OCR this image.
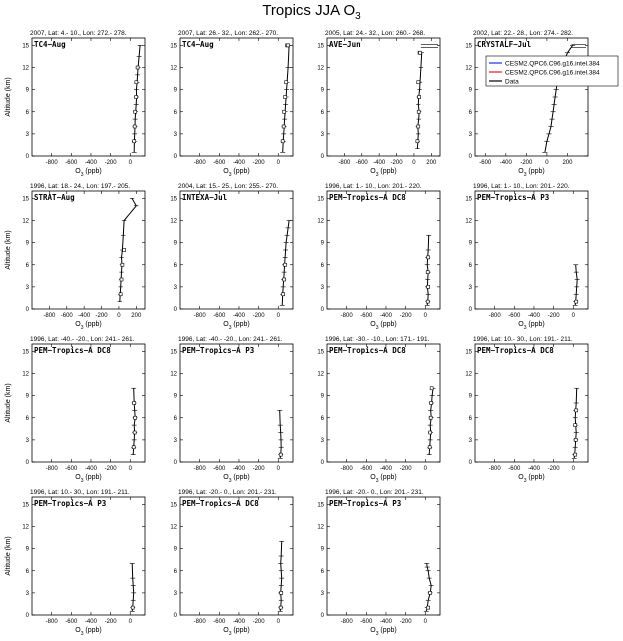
Tropics JJA $O_3$
2007, Lat: 4.- 10., Lon: 272.- 278.
-800 -600 -400 -200 0
0
3
6
9
12
15
$O_3$ (ppb)
Altitude (km)
TC4−Aug
2007, Lat: 26.- 32., Lon: 262.- 270.
-800 -600 -400 -200 0
0
3
6
9
12
15
$O_3$ (ppb)
TC4−Aug
2005, Lat: 24.- 32., Lon: 260.- 268.
-800 -600 -400 -200 0 200
0
3
6
9
12
15
$O_3$ (ppb)
AVE−Jun
2002, Lat: 22.- 28., Lon: 274.- 282.
-600 -400 -200 0 200
0
3
6
9
12
15
$O_3$ (ppb)
CRYSTALF−Jul
1996, Lat: 18.- 24., Lon: 197.- 205.
-800 -600 -400 -200 0 200
0
3
6
9
12
15
$O_3$ (ppb)
Altitude (km)
STRAT−Aug
2004, Lat: 15.- 25., Lon: 255.- 270.
-800 -600 -400 -200 0
0
3
6
9
12
15
$O_3$ (ppb)
INTEXA−Jul
1996, Lat: 1.- 10., Lon: 201.- 220.
-800 -600 -400 -200 0
0
3
6
9
12
15
$O_3$ (ppb)
PEM−Tropics−A DC8
1996, Lat: 1.- 10., Lon: 201.- 220.
-800 -600 -400 -200 0
0
3
6
9
12
15
$O_3$ (ppb)
PEM−Tropics−A P3
1996, Lat: -40.- -20., Lon: 241.- 261.
-800 -600 -400 -200 0
0
3
6
9
12
15
$O_3$ (ppb)
Altitude (km)
PEM−Tropics−A DC8
1996, Lat: -40.- -20., Lon: 241.- 261.
-800 -600 -400 -200 0
0
3
6
9
12
15
$O_3$ (ppb)
PEM−Tropics−A P3
1996, Lat: -30.- -10., Lon: 171.- 191.
-800 -600 -400 -200 0
0
3
6
9
12
15
$O_3$ (ppb)
PEM−Tropics−A DC8
1996, Lat: 10.- 30., Lon: 191.- 211.
-800 -600 -400 -200 0
0
3
6
9
12
15
$O_3$ (ppb)
PEM−Tropics−A DC8
1996, Lat: 10.- 30., Lon: 191.- 211.
-800 -600 -400 -200 0
0
3
6
9
12
15
$O_3$ (ppb)
Altitude (km)
PEM−Tropics−A P3
1996, Lat: -20.- 0., Lon: 201.- 231.
-800 -600 -400 -200 0
0
3
6
9
12
15
$O_3$ (ppb)
PEM−Tropics−A DC8
1996, Lat: -20.- 0., Lon: 201.- 231.
-800 -600 -400 -200 0
0
3
6
9
12
15
$O_3$ (ppb)
PEM−Tropics−A P3
CESM2.QPC6.C96.g16.intel.384
CESM2.QPC6.C96.g16.intel.384
Data
